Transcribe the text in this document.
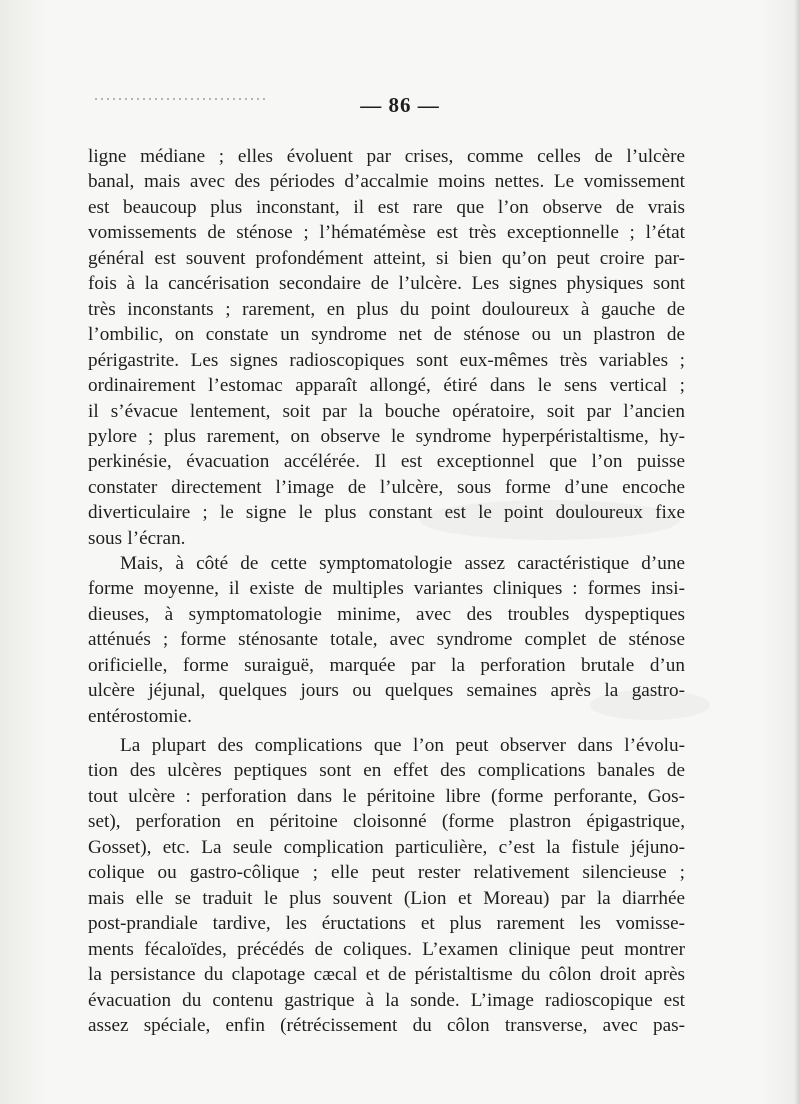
— 86 —
ligne médiane ; elles évoluent par crises, comme celles de l’ulcère
banal, mais avec des périodes d’accalmie moins nettes. Le vomissement
est beaucoup plus inconstant, il est rare que l’on observe de vrais
vomissements de sténose ; l’hématémèse est très exceptionnelle ; l’état
général est souvent profondément atteint, si bien qu’on peut croire par-
fois à la cancérisation secondaire de l’ulcère. Les signes physiques sont
très inconstants ; rarement, en plus du point douloureux à gauche de
l’ombilic, on constate un syndrome net de sténose ou un plastron de
périgastrite. Les signes radioscopiques sont eux-mêmes très variables ;
ordinairement l’estomac apparaît allongé, étiré dans le sens vertical ;
il s’évacue lentement, soit par la bouche opératoire, soit par l’ancien
pylore ; plus rarement, on observe le syndrome hyperpéristaltisme, hy-
perkinésie, évacuation accélérée. Il est exceptionnel que l’on puisse
constater directement l’image de l’ulcère, sous forme d’une encoche
diverticulaire ; le signe le plus constant est le point douloureux fixe
sous l’écran.
Mais, à côté de cette symptomatologie assez caractéristique d’une
forme moyenne, il existe de multiples variantes cliniques : formes insi-
dieuses, à symptomatologie minime, avec des troubles dyspeptiques
atténués ; forme sténosante totale, avec syndrome complet de sténose
orificielle, forme suraiguë, marquée par la perforation brutale d’un
ulcère jéjunal, quelques jours ou quelques semaines après la gastro-
entérostomie.
La plupart des complications que l’on peut observer dans l’évolu-
tion des ulcères peptiques sont en effet des complications banales de
tout ulcère : perforation dans le péritoine libre (forme perforante, Gos-
set), perforation en péritoine cloisonné (forme plastron épigastrique,
Gosset), etc. La seule complication particulière, c’est la fistule jéjuno-
colique ou gastro-côlique ; elle peut rester relativement silencieuse ;
mais elle se traduit le plus souvent (Lion et Moreau) par la diarrhée
post-prandiale tardive, les éructations et plus rarement les vomisse-
ments fécaloïdes, précédés de coliques. L’examen clinique peut montrer
la persistance du clapotage cæcal et de péristaltisme du côlon droit après
évacuation du contenu gastrique à la sonde. L’image radioscopique est
assez spéciale, enfin (rétrécissement du côlon transverse, avec pas-
